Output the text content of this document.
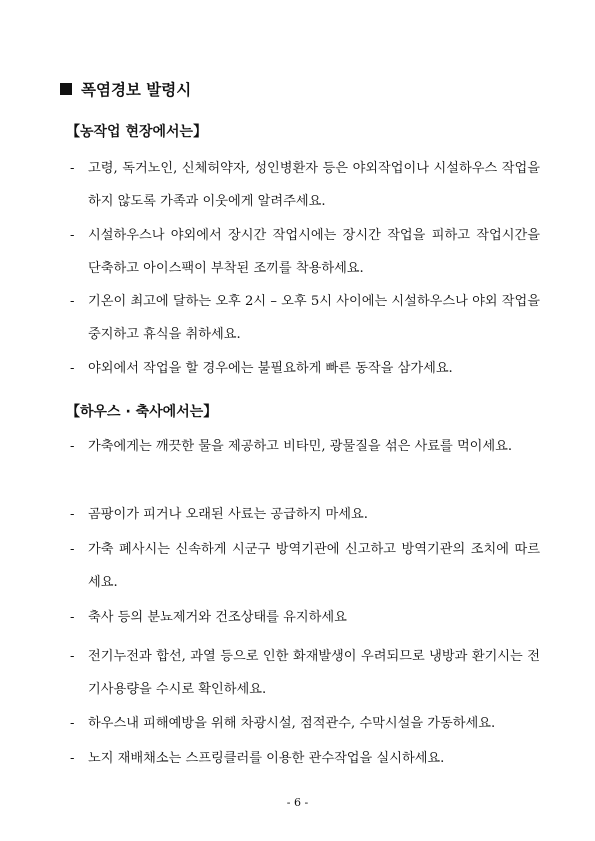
폭염경보 발령시
【농작업 현장에서는】
-	고령, 독거노인, 신체허약자, 성인병환자 등은 야외작업이나 시설하우스 작업을 하지 않도록 가족과 이웃에게 알려주세요.
-	시설하우스나 야외에서 장시간 작업시에는 장시간 작업을 피하고 작업시간을 단축하고 아이스팩이 부착된 조끼를 착용하세요.
-	기온이 최고에 달하는 오후 2시 – 오후 5시 사이에는 시설하우스나 야외 작업을 중지하고 휴식을 취하세요.
-	야외에서 작업을 할 경우에는 불필요하게 빠른 동작을 삼가세요.
【하우스 · 축사에서는】
-	가축에게는 깨끗한 물을 제공하고 비타민, 광물질을 섞은 사료를 먹이세요.
-	곰팡이가 피거나 오래된 사료는 공급하지 마세요.
-	가축 폐사시는 신속하게 시군구 방역기관에 신고하고 방역기관의 조치에 따르세요.
-	축사 등의 분뇨제거와 건조상태를 유지하세요
-	전기누전과 합선, 과열 등으로 인한 화재발생이 우려되므로 냉방과 환기시는 전기사용량을 수시로 확인하세요.
-	하우스내 피해예방을 위해 차광시설, 점적관수, 수막시설을 가동하세요.
-	노지 재배채소는 스프링클러를 이용한 관수작업을 실시하세요.
- 6 -
